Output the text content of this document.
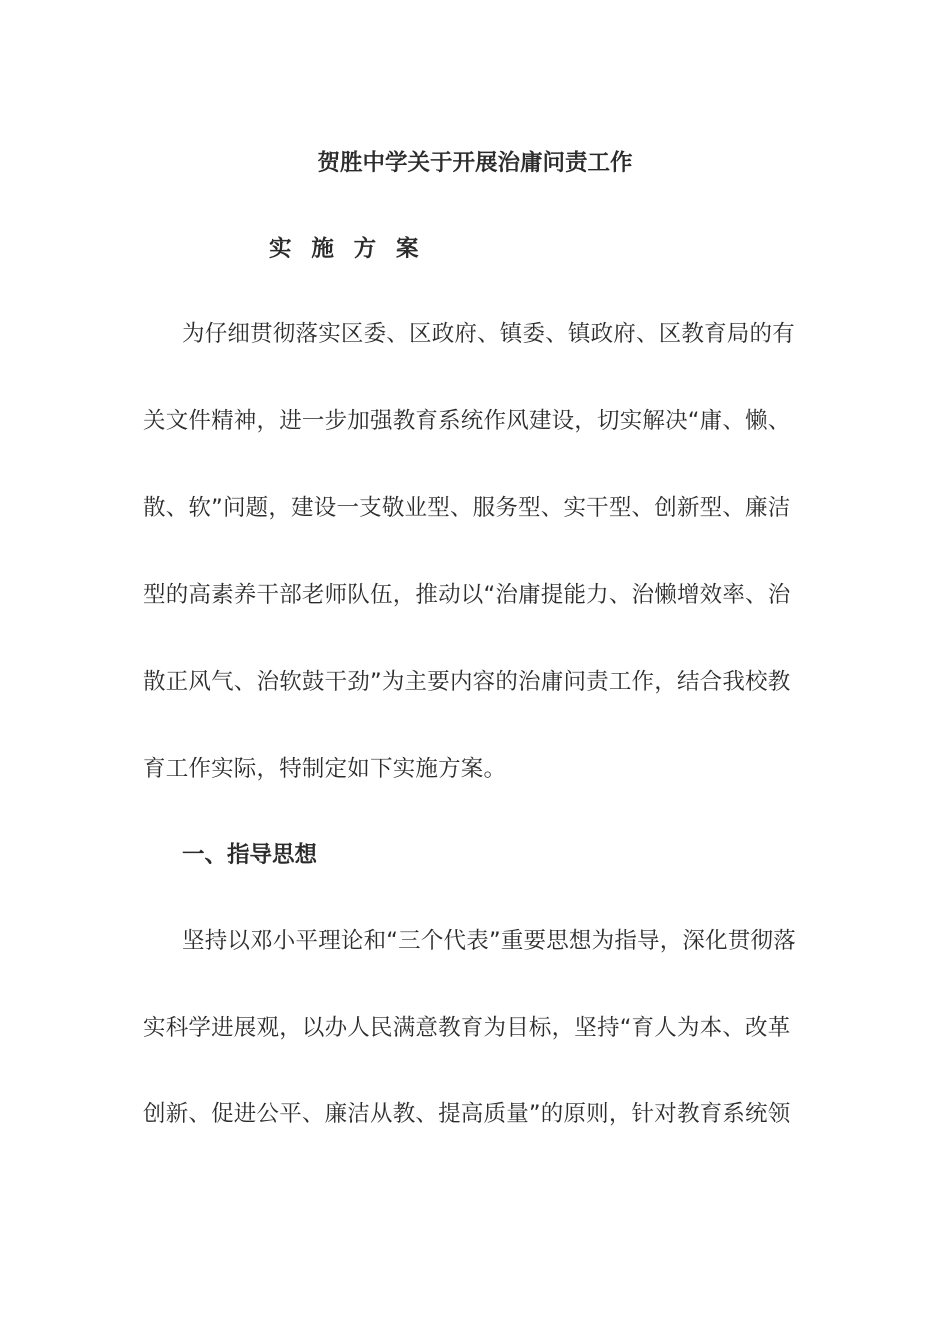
贺胜中学关于开展治庸问责工作
实 施 方 案
为仔细贯彻落实区委、区政府、镇委、镇政府、区教育局的有
关文件精神，进一步加强教育系统作风建设，切实解决“庸、懒、
散、软”问题，建设一支敬业型、服务型、实干型、创新型、廉洁
型的高素养干部老师队伍，推动以“治庸提能力、治懒增效率、治
散正风气、治软鼓干劲”为主要内容的治庸问责工作，结合我校教
育工作实际，特制定如下实施方案。
一、指导思想
坚持以邓小平理论和“三个代表”重要思想为指导，深化贯彻落
实科学进展观，以办人民满意教育为目标，坚持“育人为本、改革
创新、促进公平、廉洁从教、提高质量”的原则，针对教育系统领
